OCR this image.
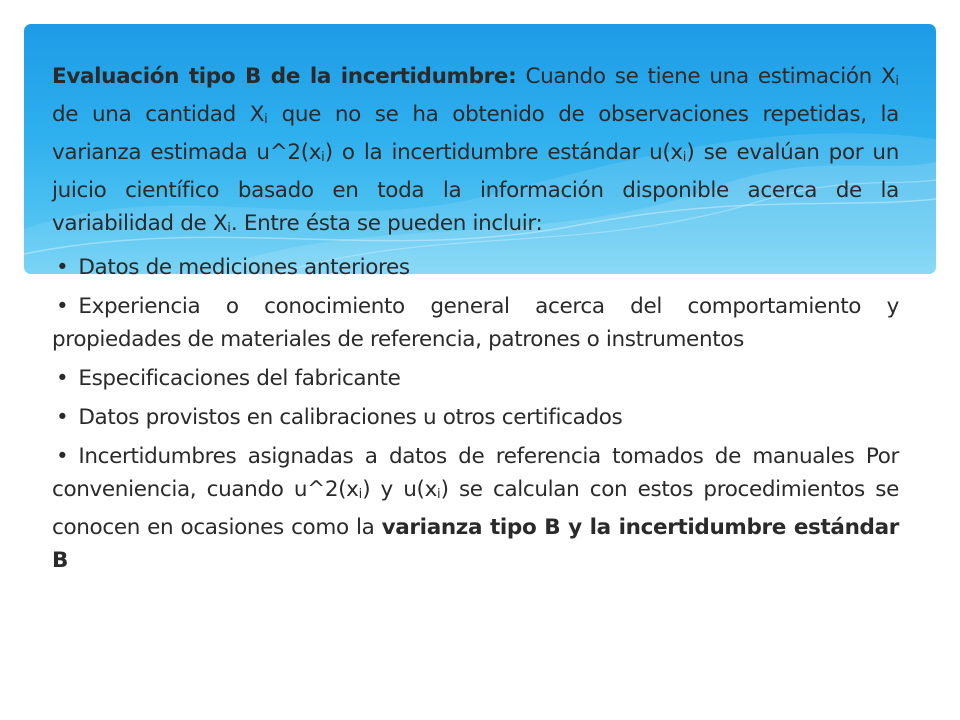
Evaluación tipo B de la incertidumbre: Cuando se tiene una estimación Xi de una cantidad Xi que no se ha obtenido de observaciones repetidas, la varianza estimada u^2(xi) o la incertidumbre estándar u(xi) se evalúan por un juicio científico basado en toda la información disponible acerca de la variabilidad de Xi. Entre ésta se pueden incluir:

• Datos de mediciones anteriores

• Experiencia o conocimiento general acerca del comportamiento y propiedades de materiales de referencia, patrones o instrumentos

• Especificaciones del fabricante

• Datos provistos en calibraciones u otros certificados

• Incertidumbres asignadas a datos de referencia tomados de manuales Por conveniencia, cuando u^2(xi) y u(xi) se calculan con estos procedimientos se conocen en ocasiones como la varianza tipo B y la incertidumbre estándar B
